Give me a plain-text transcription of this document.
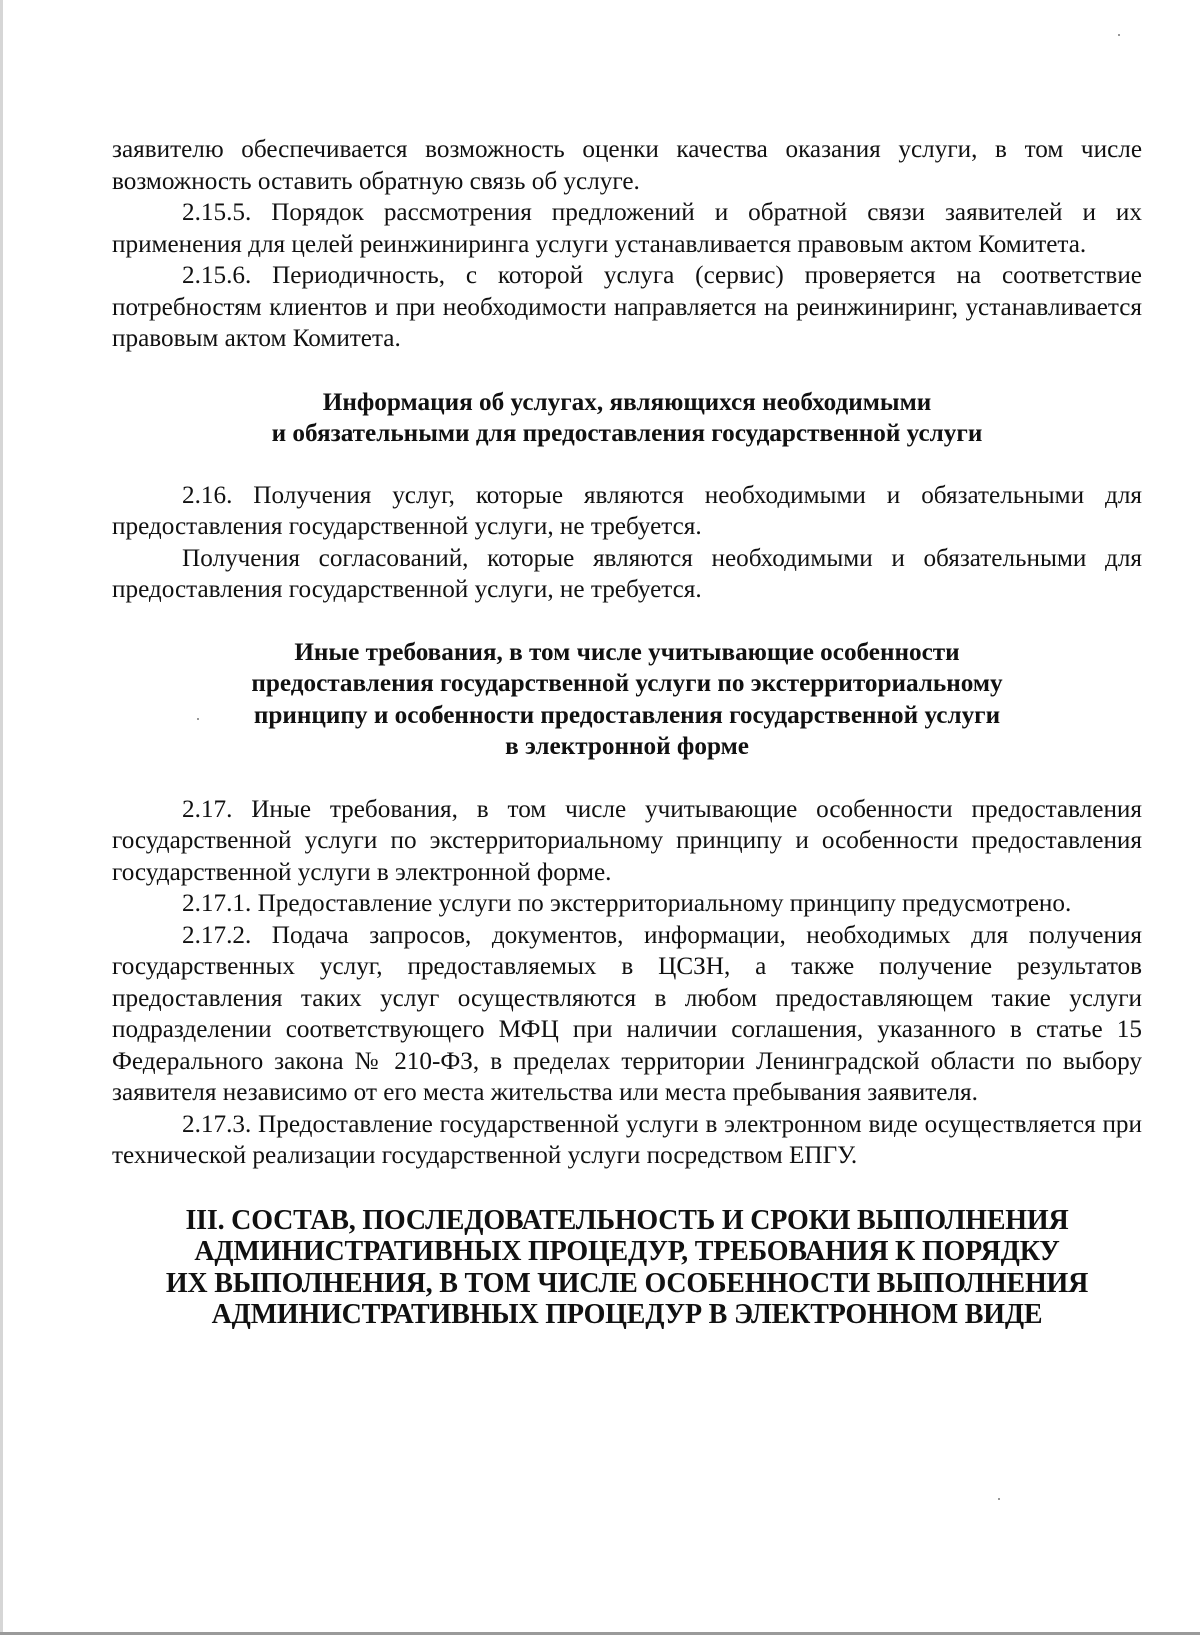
заявителю обеспечивается возможность оценки качества оказания услуги, в том числе возможность оставить обратную связь об услуге.

2.15.5. Порядок рассмотрения предложений и обратной связи заявителей и их применения для целей реинжиниринга услуги устанавливается правовым актом Комитета.

2.15.6. Периодичность, с которой услуга (сервис) проверяется на соответствие потребностям клиентов и при необходимости направляется на реинжиниринг, устанавливается правовым актом Комитета.

Информация об услугах, являющихся необходимыми
и обязательными для предоставления государственной услуги

2.16. Получения услуг, которые являются необходимыми и обязательными для предоставления государственной услуги, не требуется.

Получения согласований, которые являются необходимыми и обязательными для предоставления государственной услуги, не требуется.

Иные требования, в том числе учитывающие особенности
предоставления государственной услуги по экстерриториальному
принципу и особенности предоставления государственной услуги
в электронной форме

2.17. Иные требования, в том числе учитывающие особенности предоставления государственной услуги по экстерриториальному принципу и особенности предоставления государственной услуги в электронной форме.

2.17.1. Предоставление услуги по экстерриториальному принципу предусмотрено.

2.17.2. Подача запросов, документов, информации, необходимых для получения государственных услуг, предоставляемых в ЦСЗН, а также получение результатов предоставления таких услуг осуществляются в любом предоставляющем такие услуги подразделении соответствующего МФЦ при наличии соглашения, указанного в статье 15 Федерального закона № 210-ФЗ, в пределах территории Ленинградской области по выбору заявителя независимо от его места жительства или места пребывания заявителя.

2.17.3. Предоставление государственной услуги в электронном виде осуществляется при технической реализации государственной услуги посредством ЕПГУ.

III. СОСТАВ, ПОСЛЕДОВАТЕЛЬНОСТЬ И СРОКИ ВЫПОЛНЕНИЯ
АДМИНИСТРАТИВНЫХ ПРОЦЕДУР, ТРЕБОВАНИЯ К ПОРЯДКУ
ИХ ВЫПОЛНЕНИЯ, В ТОМ ЧИСЛЕ ОСОБЕННОСТИ ВЫПОЛНЕНИЯ
АДМИНИСТРАТИВНЫХ ПРОЦЕДУР В ЭЛЕКТРОННОМ ВИДЕ
